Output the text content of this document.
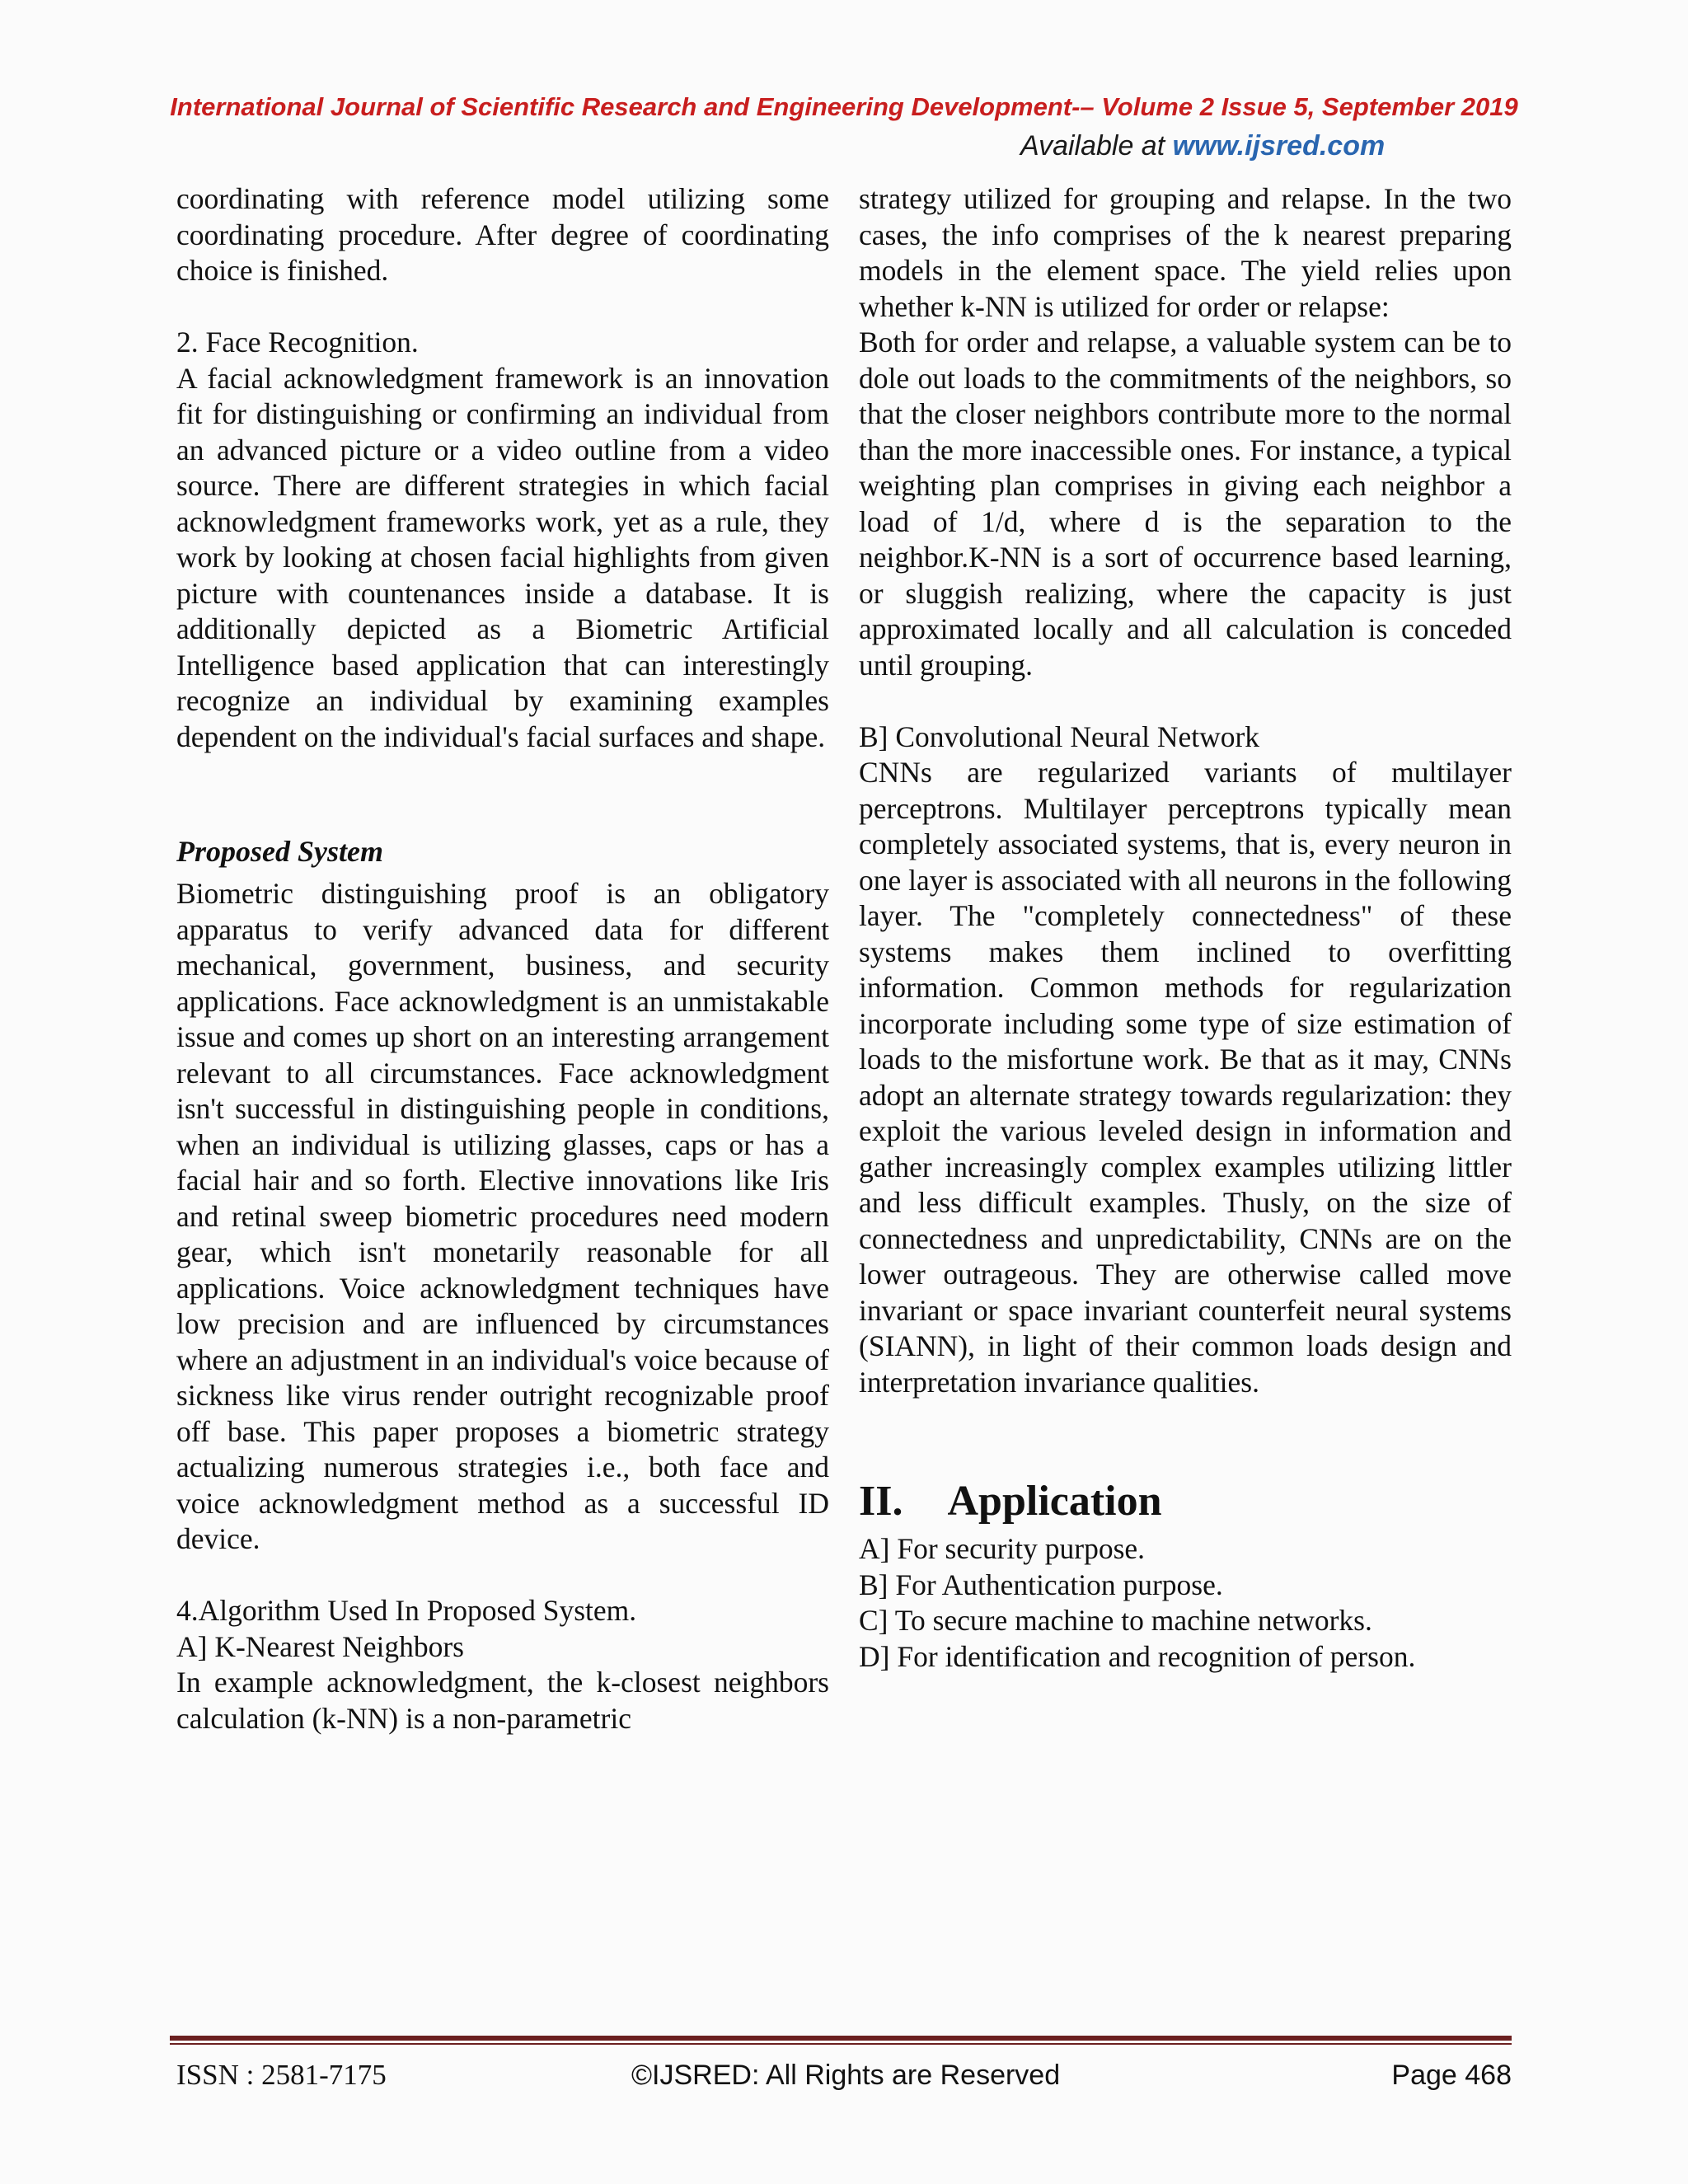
International Journal of Scientific Research and Engineering Development-– Volume 2 Issue 5, September 2019
Available at www.ijsred.com

coordinating with reference model utilizing some coordinating procedure. After degree of coordinating choice is finished.

2. Face Recognition.

A facial acknowledgment framework is an innovation fit for distinguishing or confirming an individual from an advanced picture or a video outline from a video source. There are different strategies in which facial acknowledgment frameworks work, yet as a rule, they work by looking at chosen facial highlights from given picture with countenances inside a database. It is additionally depicted as a Biometric Artificial Intelligence based application that can interestingly recognize an individual by examining examples dependent on the individual's facial surfaces and shape.

Proposed System

Biometric distinguishing proof is an obligatory apparatus to verify advanced data for different mechanical, government, business, and security applications. Face acknowledgment is an unmistakable issue and comes up short on an interesting arrangement relevant to all circumstances. Face acknowledgment isn't successful in distinguishing people in conditions, when an individual is utilizing glasses, caps or has a facial hair and so forth. Elective innovations like Iris and retinal sweep biometric procedures need modern gear, which isn't monetarily reasonable for all applications. Voice acknowledgment techniques have low precision and are influenced by circumstances where an adjustment in an individual's voice because of sickness like virus render outright recognizable proof off base. This paper proposes a biometric strategy actualizing numerous strategies i.e., both face and voice acknowledgment method as a successful ID device.

4.Algorithm Used In Proposed System.
A] K-Nearest Neighbors

In example acknowledgment, the k-closest neighbors calculation (k-NN) is a non-parametric

strategy utilized for grouping and relapse. In the two cases, the info comprises of the k nearest preparing models in the element space. The yield relies upon whether k-NN is utilized for order or relapse:

Both for order and relapse, a valuable system can be to dole out loads to the commitments of the neighbors, so that the closer neighbors contribute more to the normal than the more inaccessible ones. For instance, a typical weighting plan comprises in giving each neighbor a load of 1/d, where d is the separation to the neighbor.K-NN is a sort of occurrence based learning, or sluggish realizing, where the capacity is just approximated locally and all calculation is conceded until grouping.

B] Convolutional Neural Network

CNNs are regularized variants of multilayer perceptrons. Multilayer perceptrons typically mean completely associated systems, that is, every neuron in one layer is associated with all neurons in the following layer. The "completely connectedness" of these systems makes them inclined to overfitting information. Common methods for regularization incorporate including some type of size estimation of loads to the misfortune work. Be that as it may, CNNs adopt an alternate strategy towards regularization: they exploit the various leveled design in information and gather increasingly complex examples utilizing littler and less difficult examples. Thusly, on the size of connectedness and unpredictability, CNNs are on the lower outrageous. They are otherwise called move invariant or space invariant counterfeit neural systems (SIANN), in light of their common loads design and interpretation invariance qualities.

II. Application
A] For security purpose.
B] For Authentication purpose.
C] To secure machine to machine networks.
D] For identification and recognition of person.
ISSN : 2581-7175	©IJSRED: All Rights are Reserved	Page 468
